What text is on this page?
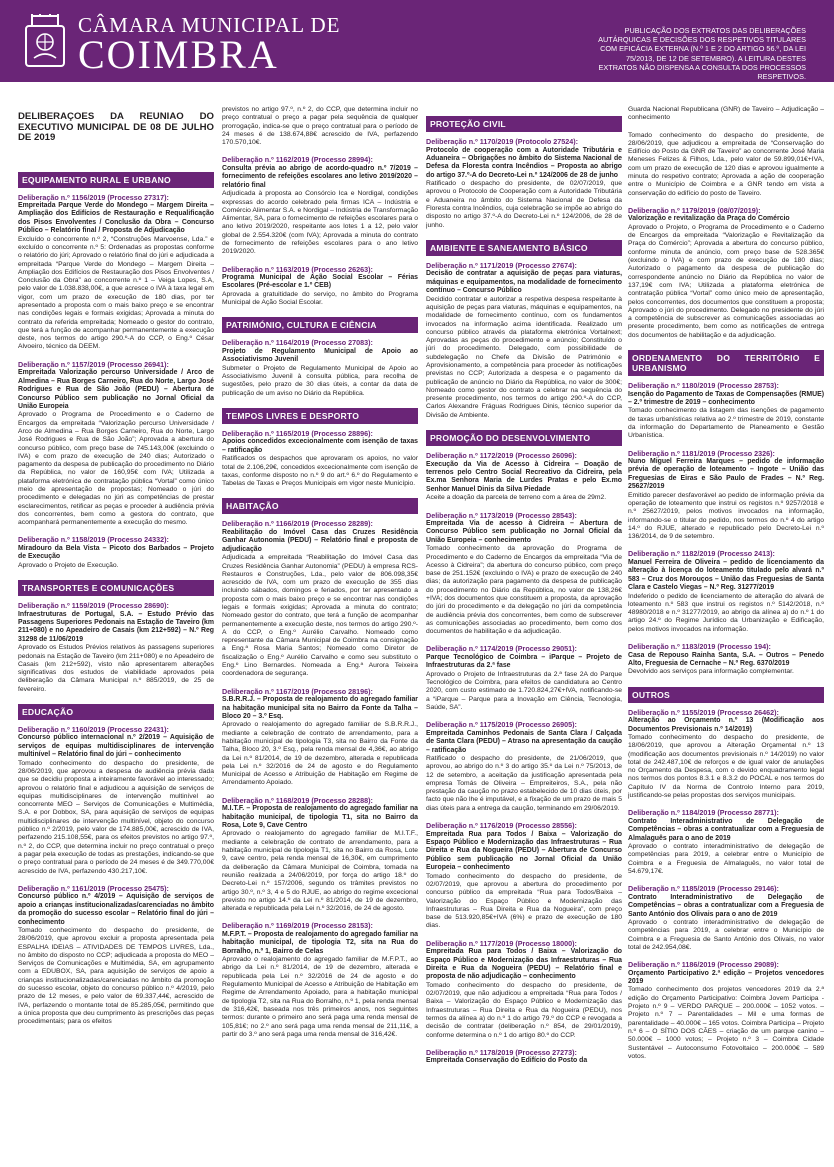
CÂMARA MUNICIPAL DE
COIMBRA
PUBLICAÇÃO DOS EXTRATOS DAS DELIBERAÇÕES AUTÁRQUICAS E DECISÕES DOS RESPETIVOS TITULARES COM EFICÁCIA EXTERNA (N.º 1 E 2 DO ARTIGO 56.º, DA LEI 75/2013, DE 12 DE SETEMBRO). A LEITURA DESTES EXTRATOS NÃO DISPENSA A CONSULTA DOS PROCESSOS RESPETIVOS.
DELIBERAÇÕES DA REUNIÃO DO EXECUTIVO MUNICIPAL DE 08 DE JULHO DE 2019
EQUIPAMENTO RURAL E URBANO
Deliberação n.º 1156/2019 (Processo 27317):
Empreitada Parque Verde do Mondego – Margem Direita – Ampliação dos Edifícios de Restauração e Requalificação dos Pisos Envolventes / Conclusão da Obra – Concurso Público – Relatório final / Proposta de Adjudicação
Excluído o concorrente n.º 2, “Construções Marvoense, Lda.” e excluído o concorrente n.º 5: Ordenadas as propostas conforme o relatório do júri; Aprovado o relatório final do júri e adjudicada a empreitada “Parque Verde do Mondego – Margem Direita – Ampliação dos Edifícios de Restauração dos Pisos Envolventes / Conclusão da Obra” ao concorrente n.º 1 – Veiga Lopes, S.A, pelo valor de 1.038.838,00€, a que acresce o IVA à taxa legal em vigor, com um prazo de execução de 180 dias, por ter apresentado a proposta com o mais baixo preço e se encontrar nas condições legais e formais exigidas; Aprovada a minuta do contrato da referida empreitada; Nomeado o gestor do contrato, que terá a função de acompanhar permanentemente a execução deste, nos termos do artigo 290.º-A do CCP, o Eng.º César Alvoeiro, técnico da DEEM.
Deliberação n.º 1157/2019 (Processo 26941):
Empreitada Valorização percurso Universidade / Arco de Almedina – Rua Borges Carneiro, Rua do Norte, Largo José Rodrigues e Rua de São João (PEDU) – Abertura de Concurso Público sem publicação no Jornal Oficial da União Europeia
Aprovado o Programa de Procedimento e o Caderno de Encargos da empreitada “Valorização percurso Universidade / Arco de Almedina – Rua Borges Carneiro, Rua do Norte, Largo José Rodrigues e Rua de São João”; Aprovada a abertura do concurso público, com preço base de 745.143,00€ (excluindo o IVA) e com prazo de execução de 240 dias; Autorizado o pagamento da despesa de publicação do procedimento no Diário da República, no valor de 160,95€ com IVA; Utilizada a plataforma eletrónica de contratação pública “Vortal” como único meio de apresentação de propostas; Nomeado o júri do procedimento e delegadas no júri as competências de prestar esclarecimentos, retificar as peças e proceder à audiência prévia dos concorrentes, bem como a gestora do contrato, que acompanhará permanentemente a execução do mesmo.
Deliberação n.º 1158/2019 (Processo 24332):
Miradouro da Bela Vista – Picoto dos Barbados – Projeto de Execução
Aprovado o Projeto de Execução.
TRANSPORTES E COMUNICAÇÕES
Deliberação n.º 1159/2019 (Processo 28690):
Infraestruturas de Portugal, S.A. – Estudo Prévio das Passagens Superiores Pedonais na Estação de Taveiro (km 211+080) e no Apeadeiro de Casais (km 212+592) – N.º Reg 31298 de 11/06/2019
Aprovado os Estudos Prévios relativos às passagens superiores pedonais na Estação de Taveiro (km 211+080) e no Apeadeiro de Casais (km 212+592), visto não apresentarem alterações significativas dos estudos de viabilidade aprovados pela deliberação da Câmara Municipal n.º 885/2019, de 25 de fevereiro.
EDUCAÇÃO
Deliberação n.º 1160/2019 (Processo 22431):
Concurso público internacional n.º 2/2019 – Aquisição de serviços de equipas multidisciplinares de intervenção multinível – Relatório final do júri – conhecimento
Tomado conhecimento do despacho do presidente, de 28/06/2019, que aprovou a despesa de audiência prévia dada que se decidiu proposta a inteiramente favorável ao interessado; aprovou o relatório final e adjudicou a aquisição de serviços de equipas multidisciplinares de intervenção multinível ao concorrente MEO – Serviços de Comunicações e Multimédia, S.A. e por Dobbox, SA, para aquisição de serviços de equipas multidisciplinares de intervenção multinível, objeto do concurso público n.º 2/2019, pelo valor de 174.885,00€, acrescido de IVA, perfazendo 215.108,55€, para os efeitos previstos no artigo 97.º, n.º 2, do CCP, que determina incluir no preço contratual o preço a pagar pela execução de todas as prestações, indicando-se que o preço contratual para o período de 24 meses é de 349.770,00€ acrescido de IVA, perfazendo 430.217,10€.
Deliberação n.º 1161/2019 (Processo 25475):
Concurso público n.º 4/2019 – Aquisição de serviços de apoio a crianças institucionalizadas/carenciadas no âmbito da promoção do sucesso escolar – Relatório final do júri – conhecimento
Tomado conhecimento do despacho do presidente, de 28/06/2019, que aprovou excluir a proposta apresentada pela ESPALHA IDEIAS – ATIVIDADES DE TEMPOS LIVRES, Lda., no âmbito do disposto no CCP; adjudicada a proposta do MEO – Serviços de Comunicações e Multimédia, SA, em agrupamento com a EDUBOX, SA, para aquisição de serviços de apoio a crianças institucionalizadas/carenciadas no âmbito da promoção do sucesso escolar, objeto do concurso público n.º 4/2019, pelo prazo de 12 meses, e pelo valor de 69.337,44€, acrescido de IVA, perfazendo o montante total de 85.285,05€, permitindo que a única proposta que deu cumprimento às prescrições das peças procedimentais; para os efeitos
previstos no artigo 97.º, n.º 2, do CCP, que determina incluir no preço contratual o preço a pagar pela sequência de qualquer prorrogação, indica-se que o preço contratual para o período de 24 meses é de 138.674,88€ acrescido de IVA, perfazendo 170.570,10€.
Deliberação n.º 1162/2019 (Processo 28994):
Consulta prévia ao abrigo de acordo-quadro n.º 7/2019 – fornecimento de refeições escolares ano letivo 2019/2020 – relatório final
Adjudicada à proposta ao Consórcio Ica e Nordigal, condições expressas do acordo celebrado pela firmas ICA – Indústria e Comércio Alimentar S.A. e Nordigal – Indústria de Transformação Alimentar, SA, para o fornecimento de refeições escolares para o ano letivo 2019/2020, respeitante aos lotes 1 a 12, pelo valor global de 2.554.320€ (com IVA); Aprovada a minuta do contrato de fornecimento de refeições escolares para o ano letivo 2019/2020.
Deliberação n.º 1163/2019 (Processo 26263):
Programa Municipal de Ação Social Escolar – Férias Escolares (Pré-escolar e 1.º CEB)
Aprovada a gratuitidade do serviço, no âmbito do Programa Municipal de Ação Social Escolar.
PATRIMÓNIO, CULTURA E CIÊNCIA
Deliberação n.º 1164/2019 (Processo 27083):
Projeto de Regulamento Municipal de Apoio ao Associativismo Juvenil
Submeter o Projeto de Regulamento Municipal de Apoio ao Associativismo Juvenil à consulta pública, para recolha de sugestões, pelo prazo de 30 dias úteis, a contar da data de publicação de um aviso no Diário da República.
TEMPOS LIVRES E DESPORTO
Deliberação n.º 1165/2019 (Processo 28896):
Apoios concedidos excecionalmente com isenção de taxas – ratificação
Ratificados os despachos que aprovaram os apoios, no valor total de 2.106,29€, concedidos excecionalmente com isenção de taxas, conforme disposto no n.º 9 do art.º 6.º do Regulamento e Tabelas de Taxas e Preços Municipais em vigor neste Município.
HABITAÇÃO
Deliberação n.º 1166/2019 (Processo 28289):
Reabilitação do Imóvel Casa das Cruzes Residência Ganhar Autonomia (PEDU) – Relatório final e proposta de adjudicação
Adjudicada a empreitada “Reabilitação do Imóvel Casa das Cruzes Residência Ganhar Autonomia” (PEDU) à empresa RCS-Restauros e Construções, Lda., pelo valor de 806.098,35€ acrescido de IVA, com um prazo de execução de 355 dias incluindo sábados, domingos e feriados, por ter apresentado a proposta com o mais baixo preço e se encontrar nas condições legais e formais exigidas; Aprovada a minuta do contrato; Nomeado gestor do contrato, que terá a função de acompanhar permanentemente a execução deste, nos termos do artigo 290.º-A do CCP, o Eng.º Aurélio Carvalho. Nomeado como representante da Câmara Municipal de Coimbra na consignação a Eng.ª Rosa Maria Santos; Nomeado como Diretor de fiscalização o Eng.º Aurélio Carvalho e como seu substituto o Eng.º Lino Bernardes. Nomeada a Eng.ª Aurora Teixeira coordenadora de segurança.
Deliberação n.º 1167/2019 (Processo 28196):
S.B.R.R.J. – Proposta de realojamento do agregado familiar na habitação municipal sita no Bairro da Fonte da Talha – Bloco 20 – 3.º Esq.
Aprovado o realojamento do agregado familiar de S.B.R.R.J., mediante a celebração de contrato de arrendamento, para a habitação municipal de tipologia T3, sita no Bairro da Fonte da Talha, Bloco 20, 3.º Esq., pela renda mensal de 4,36€, ao abrigo da Lei n.º 81/2014, de 19 de dezembro, alterada e republicada pela Lei n.º 32/2016 de 24 de agosto e do Regulamento Municipal de Acesso e Atribuição de Habitação em Regime de Arrendamento Apoiado.
Deliberação n.º 1168/2019 (Processo 28288):
M.I.T.F. – Proposta de realojamento do agregado familiar na habitação municipal, de tipologia T1, sita no Bairro da Rosa, Lote 9, Cave Centro
Aprovado o realojamento do agregado familiar de M.I.T.F., mediante a celebração de contrato de arrendamento, para a habitação municipal de tipologia T1, sita no Bairro da Rosa, Lote 9, cave centro, pela renda mensal de 16,30€, em cumprimento da deliberação da Câmara Municipal de Coimbra, tomada na reunião realizada a 24/06/2019, por força do artigo 18.º do Decreto-Lei n.º 157/2006, segundo os trâmites previstos no artigo 30.º, n.º 3, 4 e 5 do RJUE, ao abrigo do regime excecional previsto no artigo 14.º da Lei n.º 81/2014, de 19 de dezembro, alterada e republicada pela Lei n.º 32/2016, de 24 de agosto.
Deliberação n.º 1169/2019 (Processo 28153):
M.F.P.T. – Proposta de realojamento do agregado familiar na habitação municipal, de tipologia T2, sita na Rua do Borralho, n.º 1, Bairro de Celas
Aprovado o realojamento do agregado familiar de M.F.P.T., ao abrigo da Lei n.º 81/2014, de 19 de dezembro, alterada e republicada pela Lei n.º 32/2016 de 24 de agosto e do Regulamento Municipal de Acesso e Atribuição de Habitação em Regime de Arrendamento Apoiado, para a habitação municipal de tipologia T2, sita na Rua do Borralho, n.º 1, pela renda mensal de 316,42€, baseada nos três primeiros anos, nos seguintes termos: durante o primeiro ano será paga uma renda mensal de 105,81€; no 2.º ano será paga uma renda mensal de 211,11€, a partir do 3.º ano será paga uma renda mensal de 316,42€.
PROTEÇÃO CIVIL
Deliberação n.º 1170/2019 (Protocolo 27524):
Protocolo de cooperação com a Autoridade Tributária e Aduaneira – Obrigações no âmbito do Sistema Nacional de Defesa da Floresta contra Incêndios – Proposta ao abrigo do artigo 37.º-A do Decreto-Lei n.º 124/2006 de 28 de junho
Ratificado o despacho do presidente, de 02/07/2019, que aprovou o Protocolo de Cooperação com a Autoridade Tributária e Aduaneira no âmbito do Sistema Nacional de Defesa da Floresta contra Incêndios, cuja celebração se impõe ao abrigo do disposto no artigo 37.º-A do Decreto-Lei n.º 124/2006, de 28 de junho.
AMBIENTE E SANEAMENTO BÁSICO
Deliberação n.º 1171/2019 (Processo 27674):
Decisão de contratar a aquisição de peças para viaturas, máquinas e equipamentos, na modalidade de fornecimento contínuo – Concurso Público
Decidido contratar e autorizar a respetiva despesa respeitante à aquisição de peças para viaturas, máquinas e equipamentos, na modalidade de fornecimento contínuo, com os fundamentos invocados na informação acima identificada. Realizado um concurso público através da plataforma eletrónica Vortalnext; Aprovadas as peças do procedimento e anúncio; Constituído o júri do procedimento. Delegado, com possibilidade de subdelegação no Chefe da Divisão de Património e Aprovisionamento, a competência para proceder às notificações previstas no CCP; Autorizada a despesa e o pagamento da publicação de anúncio no Diário da República, no valor de 300€; Nomeado como gestor do contrato a celebrar na sequência do presente procedimento, nos termos do artigo 290.º-A do CCP, Carlos Alexandre Fráguas Rodrigues Dinis, técnico superior da Divisão de Ambiente.
PROMOÇÃO DO DESENVOLVIMENTO
Deliberação n.º 1172/2019 (Processo 26096):
Execução da Via de Acesso à Cidreira – Doação de terrenos pelo Centro Social Recreativo da Cidreira, pela Ex.ma Senhora Maria de Lurdes Pratas e pelo Ex.mo Senhor Manuel Dinis da Silva Piedade
Aceite a doação da parcela de terreno com a área de 29m2.
Deliberação n.º 1173/2019 (Processo 28543):
Empreitada Via de acesso à Cidreira – Abertura de Concurso Público sem publicação no Jornal Oficial da União Europeia – conhecimento
Tomado conhecimento da aprovação do Programa de Procedimento e do Caderno de Encargos da empreitada “Via de Acesso à Cidreira”; da abertura do concurso público, com preço base de 251.152€ (excluindo o IVA) e prazo de execução de 240 dias; da autorização para pagamento da despesa de publicação do procedimento no Diário da República, no valor de 138,26€+IVA; dos documentos que constituem a proposta, da aprovação do júri do procedimento e da delegação no júri da competência de audiência prévia dos concorrentes, bem como de subscrever as comunicações associadas ao procedimento, bem como dos documentos de habilitação e da adjudicação.
Deliberação n.º 1174/2019 (Processo 29051):
Parque Tecnológico de Coimbra – iParque – Projeto de Infraestruturas da 2.ª fase
Aprovado o Projeto de Infraestruturas da 2.ª fase 2A do Parque Tecnológico de Coimbra, para efeitos de candidatura ao Centro 2020, com custo estimado de 1.720.824,27€+IVA, notificando-se a “iParque – Parque para a Inovação em Ciência, Tecnologia, Saúde, SA”.
Deliberação n.º 1175/2019 (Processo 26905):
Empreitada Caminhos Pedonais de Santa Clara / Calçada de Santa Clara (PEDU) – Atraso na apresentação da caução – ratificação
Ratificado o despacho do presidente, de 21/06/2019, que aprovou, ao abrigo do n.º 3 do artigo 35.º da Lei n.º 75/2013, de 12 de setembro, a aceitação da justificação apresentada pela empresa Tomás de Oliveira – Empreiteiros, S.A., pela não prestação da caução no prazo estabelecido de 10 dias úteis, por facto que não lhe é imputável, e a fixação de um prazo de mais 5 dias úteis para a entrega da caução, terminando em 29/06/2019.
Deliberação n.º 1176/2019 (Processo 28556):
Empreitada Rua para Todos / Baixa – Valorização do Espaço Público e Modernização das Infraestruturas – Rua Direita e Rua da Nogueira (PEDU) – Abertura de Concurso Público sem publicação no Jornal Oficial da União Europeia – conhecimento
Tomado conhecimento do despacho do presidente, de 02/07/2019, que aprovou a abertura do procedimento por concurso público da empreitada “Rua para Todos/Baixa – Valorização do Espaço Público e Modernização das Infraestruturas – Rua Direita e Rua da Nogueira”, com preço base de 513.920,85€+IVA (6%) e prazo de execução de 180 dias.
Deliberação n.º 1177/2019 (Processo 18000):
Empreitada Rua para Todos / Baixa – Valorização do Espaço Público e Modernização das Infraestruturas – Rua Direita e Rua da Nogueira (PEDU) – Relatório final e proposta de não adjudicação – conhecimento
Tomado conhecimento do despacho do presidente, de 02/07/2019, que não adjudicou a empreitada “Rua para Todos / Baixa – Valorização do Espaço Público e Modernização das Infraestruturas – Rua Direita e Rua da Nogueira (PEDU), nos termos da alínea a) do n.º 1 do artigo 79.º do CCP e revogada a decisão de contratar (deliberação n.º 854, de 29/01/2019), conforme determina o n.º 1 do artigo 80.º do CCP.
Deliberação n.º 1178/2019 (Processo 27273):
Empreitada Conservação do Edifício do Posto da
Guarda Nacional Republicana (GNR) de Taveiro – Adjudicação – conhecimento
Tomado conhecimento do despacho do presidente, de 28/06/2019, que adjudicou a empreitada de “Conservação do Edifício do Posto da GNR de Taveiro” ao concorrente José Maria Meneses Felizes & Filhos, Lda., pelo valor de 59.899,01€+IVA, com um prazo de execução de 120 dias e aprovou igualmente a minuta do respetivo contrato; Aprovada a ação de cooperação entre o Município de Coimbra e a GNR tendo em vista a conservação do edifício do posto de Taveiro.
Deliberação n.º 1179/2019 (08/07/2019):
Valorização e revitalização da Praça do Comércio
Aprovado o Projeto, o Programa de Procedimento e o Caderno de Encargos da empreitada “Valorização e Revitalização da Praça do Comércio”; Aprovada a abertura do concurso público, conforme minuta de anúncio, com preço base de 528.365€ (excluindo o IVA) e com prazo de execução de 180 dias; Autorizado o pagamento da despesa de publicação do correspondente anúncio no Diário da República no valor de 137,19€ com IVA; Utilizada a plataforma eletrónica de contratação pública “Vortal” como único meio de apresentação, pelos concorrentes, dos documentos que constituem a proposta; Aprovado o júri do procedimento. Delegado no presidente do júri a competência de subscrever as comunicações associadas ao presente procedimento, bem como as notificações de entrega dos documentos de habilitação e da adjudicação.
ORDENAMENTO DO TERRITÓRIO E URBANISMO
Deliberação n.º 1180/2019 (Processo 28753):
Isenção do Pagamento de Taxas de Compensações (RMUE) – 2.º trimestre de 2019 – conhecimento
Tomado conhecimento da listagem das isenções de pagamento de taxas urbanísticas relativa ao 2.º trimestre de 2019, constante da informação do Departamento de Planeamento e Gestão Urbanística.
Deliberação n.º 1181/2019 (Processo 2326):
Nuno Miguel Ferreira Marques – pedido de informação prévia de operação de loteamento – Ingote – União das Freguesias de Eiras e São Paulo de Frades – N.º Reg. 25627/2019
Emitido parecer desfavorável ao pedido de informação prévia da operação de loteamento que instrui os registos n.º 9257/2018 e n.º 25627/2019, pelos motivos invocados na informação, informando-se o titular do pedido, nos termos do n.º 4 do artigo 14.º do RJUE, alterado e republicado pelo Decreto-Lei n.º 136/2014, de 9 de setembro.
Deliberação n.º 1182/2019 (Processo 2413):
Manuel Ferreira de Oliveira – pedido de licenciamento da alteração à licença do loteamento titulado pelo alvará n.º 583 – Cruz dos Morouços – União das Freguesias de Santa Clara e Castelo Viegas – N.º Reg. 31277/2019
Indeferido o pedido de licenciamento de alteração do alvará de loteamento n.º 583 que instrui os registos n.º 5142/2018, n.º 48980/2018 e n.º 31277/2019, ao abrigo da alínea a) do n.º 1 do artigo 24.º do Regime Jurídico da Urbanização e Edificação, pelos motivos invocados na informação.
Deliberação n.º 1183/2019 (Processo 194):
Casa de Repouso Rainha Santa, S.A. – Outros – Penedo Alto, Freguesia de Cernache – N.º Reg. 6370/2019
Devolvido aos serviços para informação complementar.
OUTROS
Deliberação n.º 1155/2019 (Processo 26462):
Alteração ao Orçamento n.º 13 (Modificação aos Documentos Previsionais n.º 14/2019)
Tomado conhecimento do despacho do presidente, de 18/06/2019, que aprovou a Alteração Orçamental n.º 13 (modificação aos documentos previsionais n.º 14/2019) no valor total de 242.487,10€ de reforços e de igual valor de anulações no Orçamento da Despesa, com o devido enquadramento legal nos termos dos pontos 8.3.1 e 8.3.2 do POCAL e nos termos do Capítulo IV da Norma de Controlo Interno para 2019, justificando-se pelas propostas dos serviços municipais.
Deliberação n.º 1184/2019 (Processo 28771):
Contrato Interadministrativo de Delegação de Competências – obras a contratualizar com a Freguesia de Almalaguês para o ano de 2019
Aprovado o contrato interadministrativo de delegação de competências para 2019, a celebrar entre o Município de Coimbra e a Freguesia de Almalaguês, no valor total de 54.679,17€.
Deliberação n.º 1185/2019 (Processo 29146):
Contrato Interadministrativo de Delegação de Competências – obras a contratualizar com a Freguesia de Santo António dos Olivais para o ano de 2019
Aprovado o contrato interadministrativo de delegação de competências para 2019, a celebrar entre o Município de Coimbra e a Freguesia de Santo António dos Olivais, no valor total de 242.954,08€.
Deliberação n.º 1186/2019 (Processo 29089):
Orçamento Participativo 2.ª edição – Projetos vencedores 2019
Tomado conhecimento dos projetos vencedores 2019 da 2.ª edição do Orçamento Participativo: Coimbra Jovem Participa -Projeto n.º 9 – VERDO PARQUE – 200.000€ – 1052 votos. – Projeto n.º 7 – Parentalidades – Mil e uma formas de parentalidade – 40.000€ – 165 votos. Coimbra Participa – Projeto n.º 6 – O SÍTIO DOS CÃES – criação de um parque canino – 50.000€ – 1000 votos; – Projeto n.º 3 – Coimbra Cidade Sustentável – Autoconsumo Fotovoltaico – 200.000€ – 589 votos.
